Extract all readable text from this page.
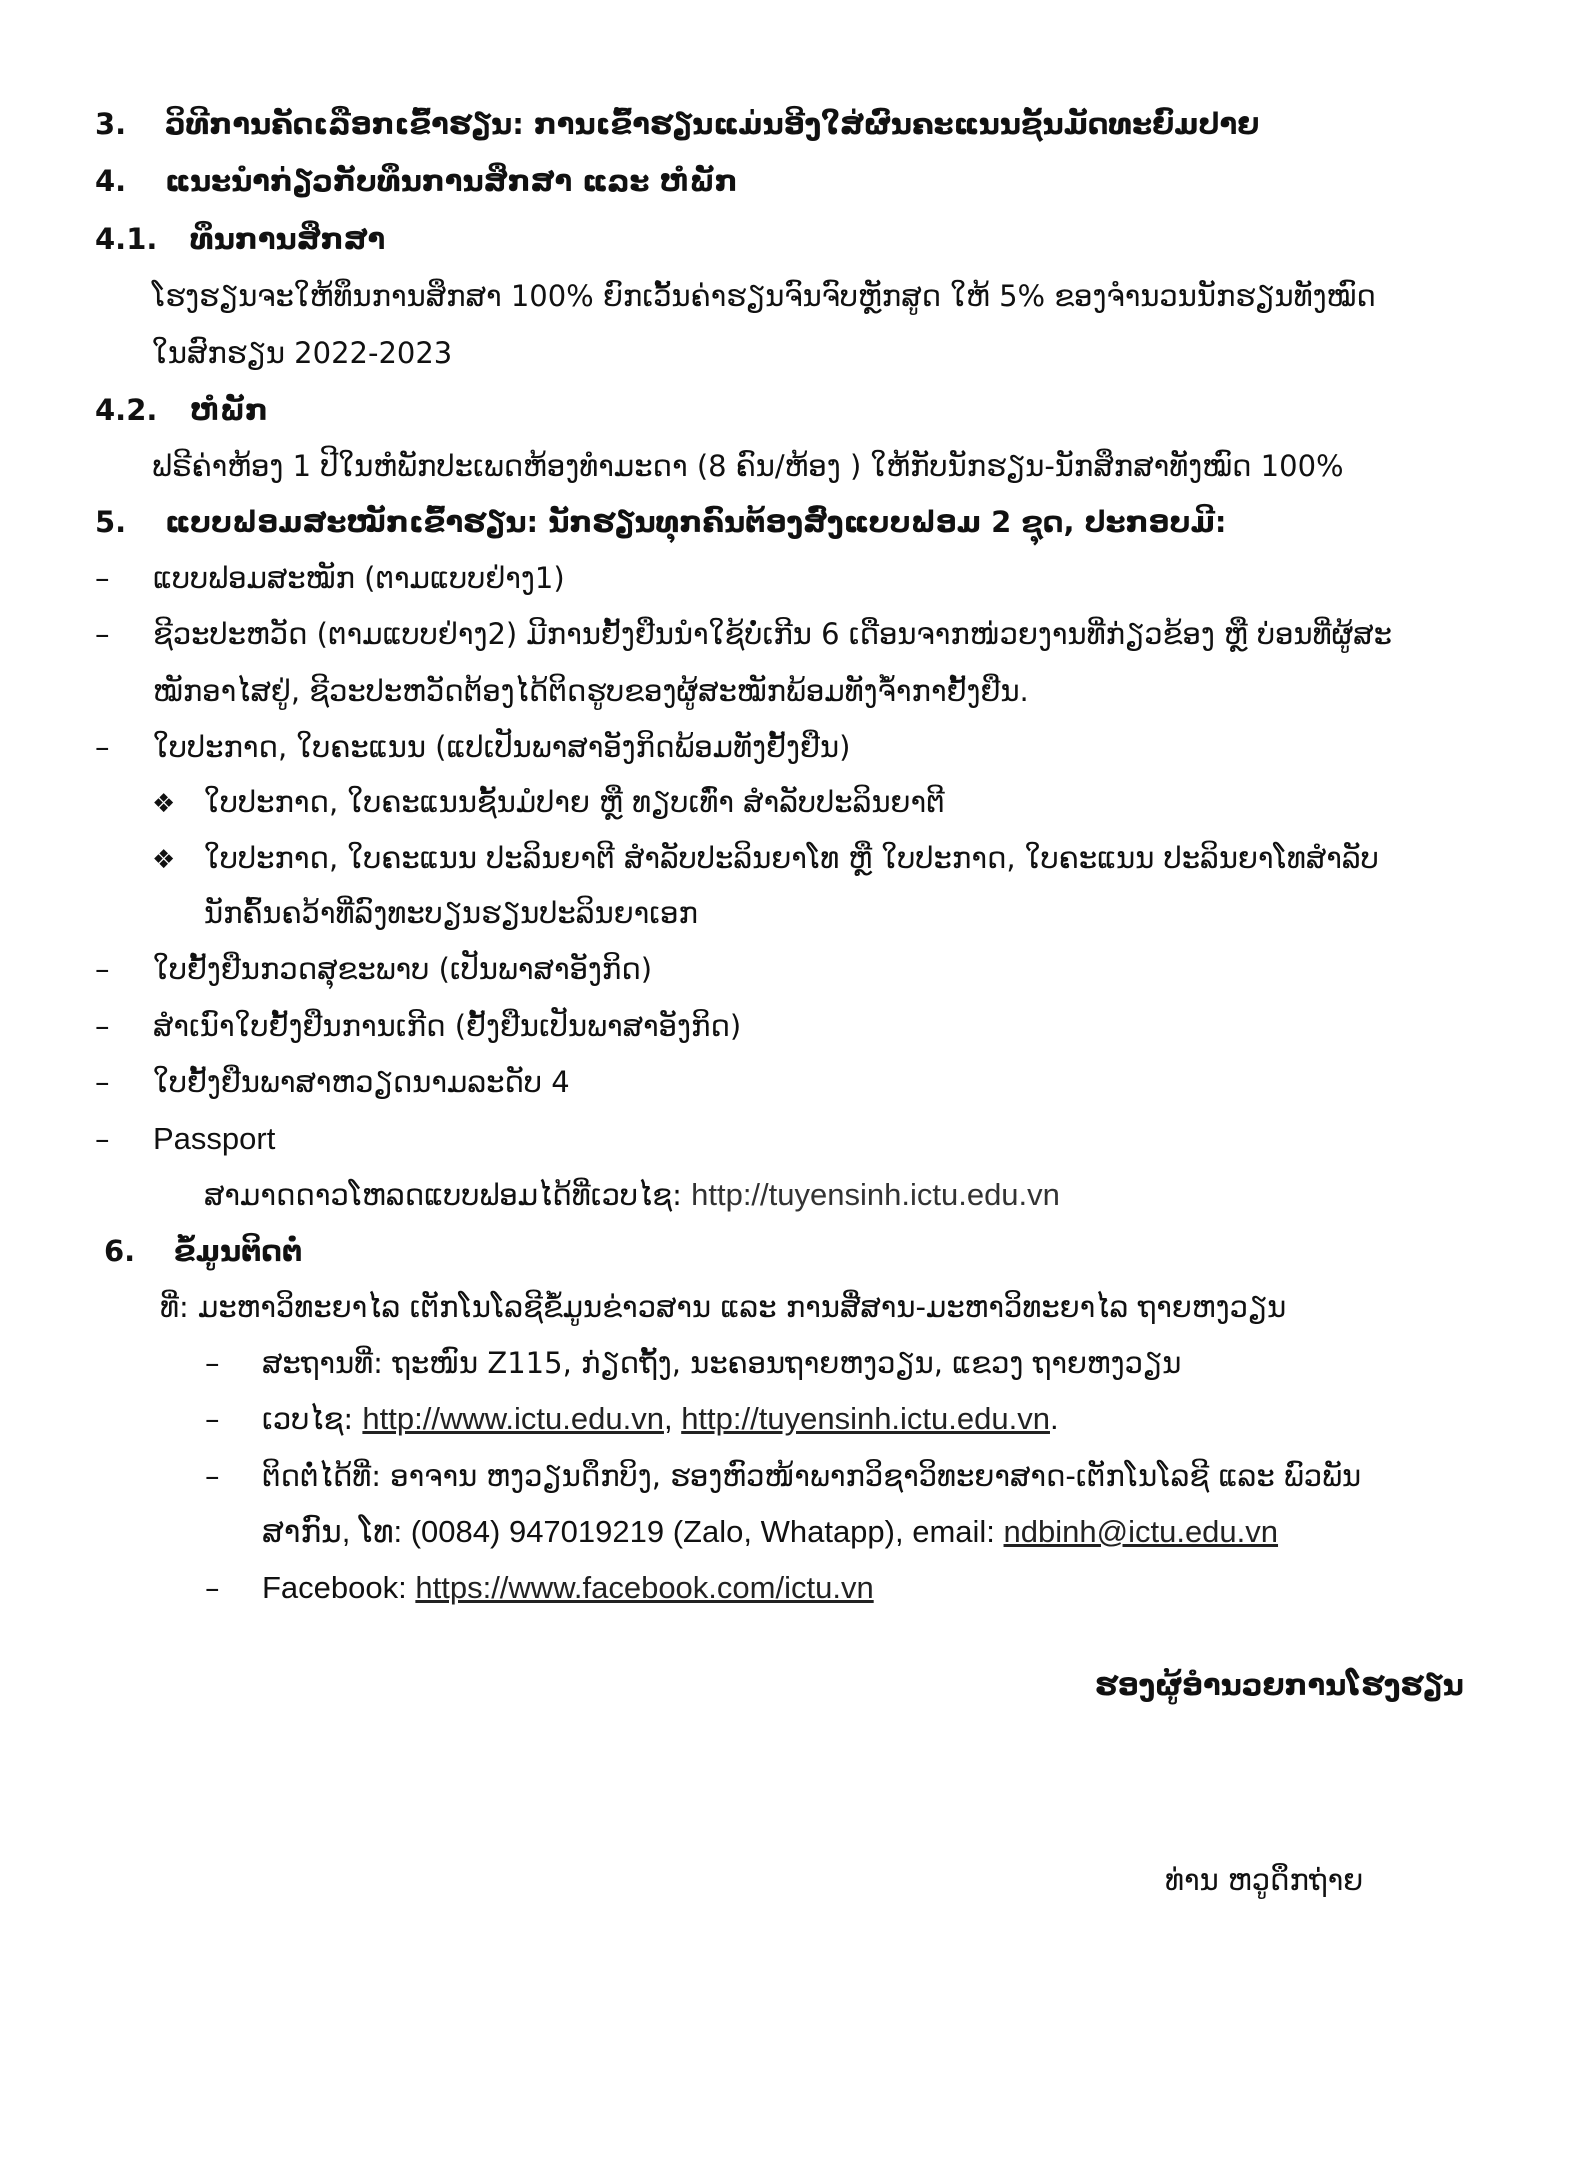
3. ວິທີການຄັດເລືອກເຂົ້າຮຽນ: ການເຂົ້າຮຽນແມ່ນອີງໃສ່ຜົນຄະແນນຊັ້ນມັດທະຍົມປາຍ
4. ແນະນຳກ່ຽວກັບທຶນການສຶກສາ ແລະ ຫໍພັກ
4.1. ທຶນການສຶກສາ
ໂຮງຮຽນຈະໃຫ້ທຶນການສຶກສາ 100% ຍົກເວັ້ນຄ່າຮຽນຈົນຈົບຫຼັກສູດ ໃຫ້ 5% ຂອງຈຳນວນນັກຮຽນທັງໝົດ
ໃນສົກຮຽນ 2022-2023
4.2. ຫໍພັກ
ຟຣີຄ່າຫ້ອງ 1 ປີໃນຫໍພັກປະເພດຫ້ອງທຳມະດາ (8 ຄົນ/ຫ້ອງ ) ໃຫ້ກັບນັກຮຽນ-ນັກສຶກສາທັງໝົດ 100%
5. ແບບຟອມສະໝັກເຂົ້າຮຽນ: ນັກຮຽນທຸກຄົນຕ້ອງສົ່ງແບບຟອມ 2 ຊຸດ, ປະກອບມີ:
– ແບບຟອມສະໝັກ (ຕາມແບບຢ່າງ1)
– ຊີວະປະຫວັດ (ຕາມແບບຢ່າງ2) ມີການຢັ້ງຢືນນຳໃຊ້ບໍ່ເກີນ 6 ເດືອນຈາກໜ່ວຍງານທີ່ກ່ຽວຂ້ອງ ຫຼື ບ່ອນທີ່ຜູ້ສະ
ໝັກອາໄສຢູ່, ຊີວະປະຫວັດຕ້ອງໄດ້ຕິດຮູບຂອງຜູ້ສະໝັກພ້ອມທັງຈ້ຳກາຢັ້ງຢືນ.
– ໃບປະກາດ, ໃບຄະແນນ (ແປເປັນພາສາອັງກິດພ້ອມທັງຢັ້ງຢືນ)
❖ ໃບປະກາດ, ໃບຄະແນນຊັ້ນມໍປາຍ ຫຼື ທຽບເທົ່າ ສຳລັບປະລິນຍາຕີ
❖ ໃບປະກາດ, ໃບຄະແນນ ປະລິນຍາຕີ ສຳລັບປະລິນຍາໂທ ຫຼື ໃບປະກາດ, ໃບຄະແນນ ປະລິນຍາໂທສຳລັບ
ນັກຄົ້ນຄວ້າທີ່ລົງທະບຽນຮຽນປະລິນຍາເອກ
– ໃບຢັ້ງຢືນກວດສຸຂະພາບ (ເປັນພາສາອັງກິດ)
– ສຳເນົາໃບຢັ້ງຢືນການເກີດ (ຢັ້ງຢືນເປັນພາສາອັງກິດ)
– ໃບຢັ້ງຢືນພາສາຫວຽດນາມລະດັບ 4
– Passport
ສາມາດດາວໂຫລດແບບຟອມໄດ້ທີ່ເວບໄຊ: http://tuyensinh.ictu.edu.vn
6. ຂໍ້ມູນຕິດຕໍ່
ທີ່: ມະຫາວິທະຍາໄລ ເຕັກໂນໂລຊີຂໍ້ມູນຂ່າວສານ ແລະ ການສື່ສານ-ມະຫາວິທະຍາໄລ ຖາຍຫງວຽນ
– ສະຖານທີ່: ຖະໜົນ Z115, ກ່ຽດຖັ້ງ, ນະຄອນຖາຍຫງວຽນ, ແຂວງ ຖາຍຫງວຽນ
– ເວບໄຊ: http://www.ictu.edu.vn, http://tuyensinh.ictu.edu.vn.
– ຕິດຕໍ່ໄດ້ທີ່: ອາຈານ ຫງວຽນດຶກບິງ, ຮອງຫົວໜ້າພາກວິຊາວິທະຍາສາດ-ເຕັກໂນໂລຊີ ແລະ ພົວພັນ
ສາກົນ, ໂທ: (0084) 947019219 (Zalo, Whatapp), email: ndbinh@ictu.edu.vn
– Facebook: https://www.facebook.com/ictu.vn
ຮອງຜູ້ອຳນວຍການໂຮງຮຽນ
ທ່ານ ຫວູດຶກຖ່າຍ
